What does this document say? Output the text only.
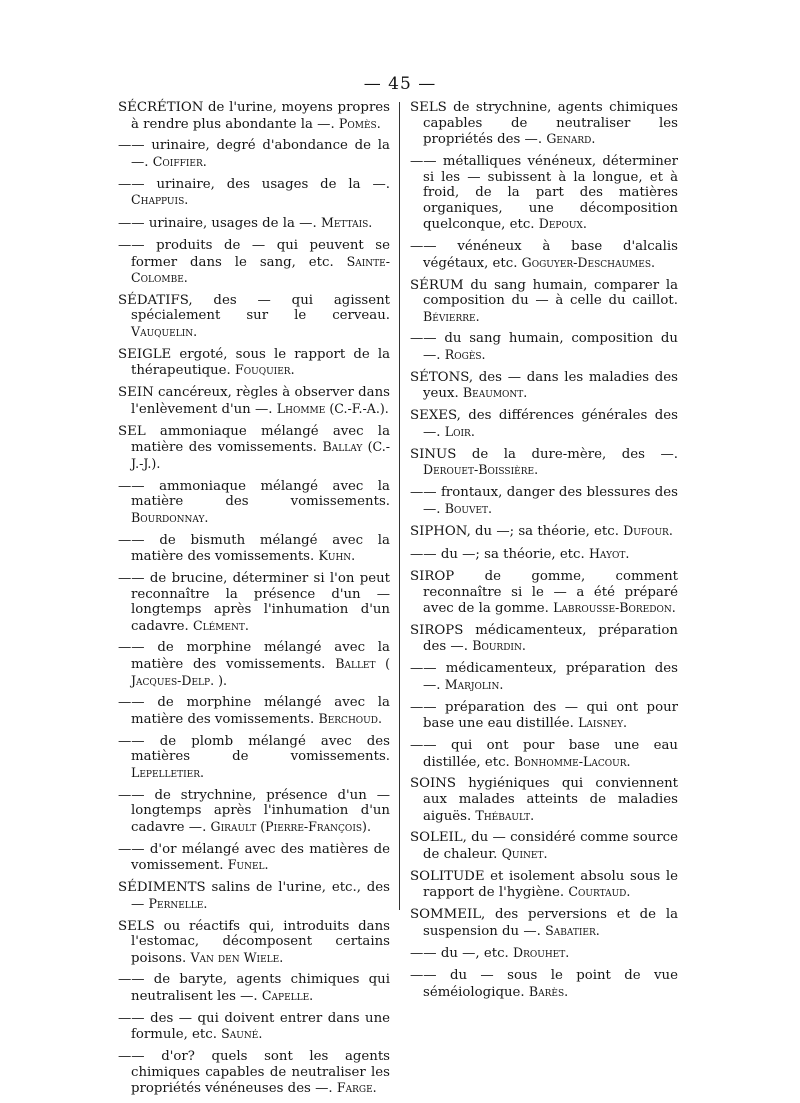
— 45 —

SÉCRÉTION de l'urine, moyens propres à rendre plus abondante la —. Pomès.

—— urinaire, degré d'abondance de la —. Coiffier.

—— urinaire, des usages de la —. Chappuis.

—— urinaire, usages de la —. Mettais.

—— produits de — qui peuvent se former dans le sang, etc. Sainte-Colombe.

SÉDATIFS, des — qui agissent spécialement sur le cerveau. Vauquelin.

SEIGLE ergoté, sous le rapport de la thérapeutique. Fouquier.

SEIN cancéreux, règles à observer dans l'enlèvement d'un —. Lhomme (C.-F.-A.).

SEL ammoniaque mélangé avec la matière des vomissements. Ballay (C.-J.-J.).

—— ammoniaque mélangé avec la matière des vomissements. Bourdonnay.

—— de bismuth mélangé avec la matière des vomissements. Kuhn.

—— de brucine, déterminer si l'on peut reconnaître la présence d'un — longtemps après l'inhumation d'un cadavre. Clément.

—— de morphine mélangé avec la matière des vomissements. Ballet ( Jacques-Delp. ).

—— de morphine mélangé avec la matière des vomissements. Berchoud.

—— de plomb mélangé avec des matières de vomissements. Lepelletier.

—— de strychnine, présence d'un — longtemps après l'inhumation d'un cadavre —. Girault (Pierre-François).

—— d'or mélangé avec des matières de vomissement. Funel.

SÉDIMENTS salins de l'urine, etc., des — Pernelle.

SELS ou réactifs qui, introduits dans l'estomac, décomposent certains poisons. Van den Wiele.

—— de baryte, agents chimiques qui neutralisent les —. Capelle.

—— des — qui doivent entrer dans une formule, etc. Sauné.

—— d'or? quels sont les agents chimiques capables de neutraliser les propriétés vénéneuses des —. Farge.

SELS de strychnine, agents chimiques capables de neutraliser les propriétés des —. Genard.

—— métalliques vénéneux, déterminer si les — subissent à la longue, et à froid, de la part des matières organiques, une décomposition quelconque, etc. Depoux.

—— vénéneux à base d'alcalis végétaux, etc. Goguyer-Deschaumes.

SÉRUM du sang humain, comparer la composition du — à celle du caillot. Bévierre.

—— du sang humain, composition du —. Rogès.

SÉTONS, des — dans les maladies des yeux. Beaumont.

SEXES, des différences générales des —. Loir.

SINUS de la dure-mère, des —. Derouet-Boissière.

—— frontaux, danger des blessures des —. Bouvet.

SIPHON, du —; sa théorie, etc. Dufour.

—— du —; sa théorie, etc. Hayot.

SIROP de gomme, comment reconnaître si le — a été préparé avec de la gomme. Labrousse-Boredon.

SIROPS médicamenteux, préparation des —. Bourdin.

—— médicamenteux, préparation des —. Marjolin.

—— préparation des — qui ont pour base une eau distillée. Laisney.

—— qui ont pour base une eau distillée, etc. Bonhomme-Lacour.

SOINS hygiéniques qui conviennent aux malades atteints de maladies aiguës. Thébault.

SOLEIL, du — considéré comme source de chaleur. Quinet.

SOLITUDE et isolement absolu sous le rapport de l'hygiène. Courtaud.

SOMMEIL, des perversions et de la suspension du —. Sabatier.

—— du —, etc. Drouhet.

—— du — sous le point de vue séméiologique. Barès.
